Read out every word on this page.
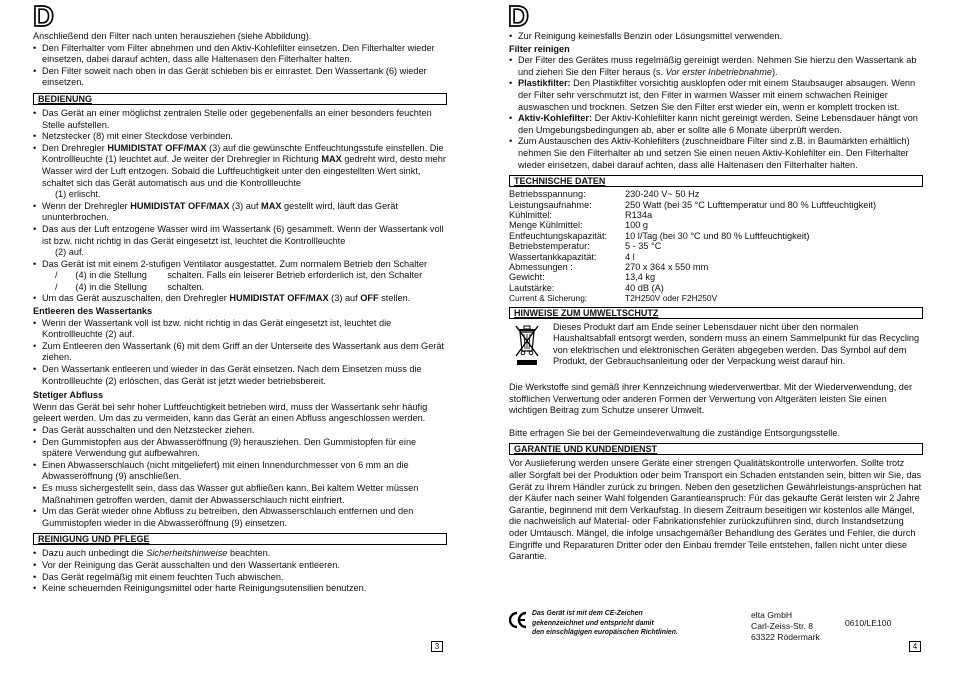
D

Anschließend den Filter nach unten herausziehen (siehe Abbildung).

• Den Filterhalter vom Filter abnehmen und den Aktiv-Kohlefilter einsetzen. Den Filterhalter wieder einsetzen, dabei darauf achten, dass alle Haltenasen den Filterhalter halten.

• Den Filter soweit nach oben in das Gerät schieben bis er einrastet. Den Wassertank (6) wieder einsetzen.

BEDIENUNG

• Das Gerät an einer möglichst zentralen Stelle oder gegebenenfalls an einer besonders feuchten Stelle aufstellen.

• Netzstecker (8) mit einer Steckdose verbinden.

• Den Drehregler HUMIDISTAT OFF/MAX (3) auf die gewünschte Entfeuchtungsstufe einstellen. Die Kontrollleuchte (1) leuchtet auf. Je weiter der Drehregler in Richtung MAX gedreht wird, desto mehr Wasser wird der Luft entzogen. Sobald die Luftfeuchtigkeit unter den eingestellten Wert sinkt, schaltet sich das Gerät automatisch aus und die Kontrollleuchte

(1) erlischt.

• Wenn der Drehregler HUMIDISTAT OFF/MAX (3) auf MAX gestellt wird, läuft das Gerät ununterbrochen.

• Das aus der Luft entzogene Wasser wird im Wassertank (6) gesammelt. Wenn der Wassertank voll ist bzw. nicht richtig in das Gerät eingesetzt ist, leuchtet die Kontrollleuchte

(2) auf.

• Das Gerät ist mit einem 2-stufigen Ventilator ausgestattet. Zum normalem Betrieb den Schalter

/       (4) in die Stellung        schalten. Falls ein leiserer Betrieb erforderlich ist, den Schalter

/       (4) in die Stellung        schalten.

• Um das Gerät auszuschalten, den Drehregler HUMIDISTAT OFF/MAX (3) auf OFF stellen.

Entleeren des Wassertanks

• Wenn der Wassertank voll ist bzw. nicht richtig in das Gerät eingesetzt ist, leuchtet die Kontrollleuchte (2) auf.

• Zum Entleeren den Wassertank (6) mit dem Griff an der Unterseite des Wassertank aus dem Gerät ziehen.

• Den Wassertank entleeren und wieder in das Gerät einsetzen. Nach dem Einsetzen muss die Kontrollleuchte (2) erlöschen, das Gerät ist jetzt wieder betriebsbereit.

Stetiger Abfluss

Wenn das Gerät bei sehr hoher Luftfeuchtigkeit betrieben wird, muss der Wassertank sehr häufig geleert werden. Um das zu vermeiden, kann das Gerät an einen Abfluss angeschlossen werden.

• Das Gerät ausschalten und den Netzstecker ziehen.

• Den Gummistopfen aus der Abwasseröffnung (9) herausziehen. Den Gummistopfen für eine spätere Verwendung gut aufbewahren.

• Einen Abwasserschlauch (nicht mitgeliefert) mit einen Innendurchmesser von 6 mm an die Abwasseröffnung (9) anschließen.

• Es muss sichergestellt sein, dass das Wasser gut abfließen kann. Bei kaltem Wetter müssen Maßnahmen getroffen werden, damit der Abwasserschlauch nicht einfriert.

• Um das Gerät wieder ohne Abfluss zu betreiben, den Abwasserschlauch entfernen und den Gummistopfen wieder in die Abwasseröffnung (9) einsetzen.

REINIGUNG UND PFLEGE

• Dazu auch unbedingt die Sicherheitshinweise beachten.

• Vor der Reinigung das Gerät ausschalten und den Wassertank entleeren.

• Das Gerät regelmäßig mit einem feuchten Tuch abwischen.

• Keine scheuernden Reinigungsmittel oder harte Reinigungsutensilien benutzen.

3
D

• Zur Reinigung keinesfalls Benzin oder Lösungsmittel verwenden.

Filter reinigen

• Der Filter des Gerätes muss regelmäßig gereinigt werden. Nehmen Sie hierzu den Wassertank ab und ziehen Sie den Filter heraus (s. Vor erster Inbetriebnahme).

• Plastikfilter: Den Plastikfilter vorsichtig ausklopfen oder mit einem Staubsauger absaugen. Wenn der Filter sehr verschmutzt ist, den Filter in warmen Wasser mit einem schwachen Reiniger auswaschen und trocknen. Setzen Sie den Filter erst wieder ein, wenn er komplett trocken ist.

• Aktiv-Kohlefilter: Der Aktiv-Kohlefilter kann nicht gereinigt werden. Seine Lebensdauer hängt von den Umgebungsbedingungen ab, aber er sollte alle 6 Monate überprüft werden.

• Zum Austauschen des Aktiv-Kohlefilters (zuschneidbare Filter sind z.B. in Baumärkten erhältlich) nehmen Sie den Filterhalter ab und setzen Sie einen neuen Aktiv-Kohlefilter ein. Den Filterhalter wieder einsetzen, dabei darauf achten, dass alle Haltenasen den Filterhalter halten.

TECHNISCHE DATEN
Betriebsspannung:	230-240 V~ 50 Hz
Leistungsaufnahme:	250 Watt (bei 35 °C Lufttemperatur und 80 % Luftfeuchtigkeit)
Kühlmittel:	R134a
Menge Kühlmittel:	100 g
Entfeuchtungskapazität:	10 l/Tag (bei 30 °C und 80 % Luftfeuchtigkeit)
Betriebstemperatur:	5 - 35 °C
Wassertankkapazität:	4 l
Abmessungen :	270 x 364 x 550 mm
Gewicht:	13,4 kg
Lautstärke:	40 dB (A)
Current & Sicherung:	T2H250V oder F2H250V
HINWEISE ZUM UMWELTSCHUTZ

Dieses Produkt darf am Ende seiner Lebensdauer nicht über den normalen Haushaltsabfall entsorgt werden, sondern muss an einem Sammelpunkt für das Recycling von elektrischen und elektronischen Geräten abgegeben werden. Das Symbol auf dem Produkt, der Gebrauchsanleitung oder der Verpackung weist darauf hin.

Die Werkstoffe sind gemäß ihrer Kennzeichnung wiederverwertbar. Mit der Wiederverwendung, der stofflichen Verwertung oder anderen Formen der Verwertung von Altgeräten leisten Sie einen wichtigen Beitrag zum Schutze unserer Umwelt.

Bitte erfragen Sie bei der Gemeindeverwaltung die zuständige Entsorgungsstelle.

GARANTIE UND KUNDENDIENST

Vor Auslieferung werden unsere Geräte einer strengen Qualitätskontrolle unterworfen. Sollte trotz aller Sorgfalt bei der Produktion oder beim Transport ein Schaden entstanden sein, bitten wir Sie, das Gerät zu Ihrem Händler zurück zu bringen. Neben den gesetzlichen Gewährleistungs-ansprüchen hat der Käufer nach seiner Wahl folgenden Garantieanspruch: Für das gekaufte Gerät leisten wir 2 Jahre Garantie, beginnend mit dem Verkaufstag. In diesem Zeitraum beseitigen wir kostenlos alle Mängel, die nachweislich auf Material- oder Fabrikationsfehler zurückzuführen sind, durch Instandsetzung oder Umtausch. Mängel, die infolge unsachgemäßer Behandlung des Gerätes und Fehler, die durch Eingriffe und Reparaturen Dritter oder den Einbau fremder Teile entstehen, fallen nicht unter diese Garantie.

Das Gerät ist mit dem CE-Zeichen
gekennzeichnet und entspricht damit
den einschlägigen europäischen Richtlinien.
elta GmbH
Carl-Zeiss-Str. 8
63322 Rödermark
0610/LE100
4
